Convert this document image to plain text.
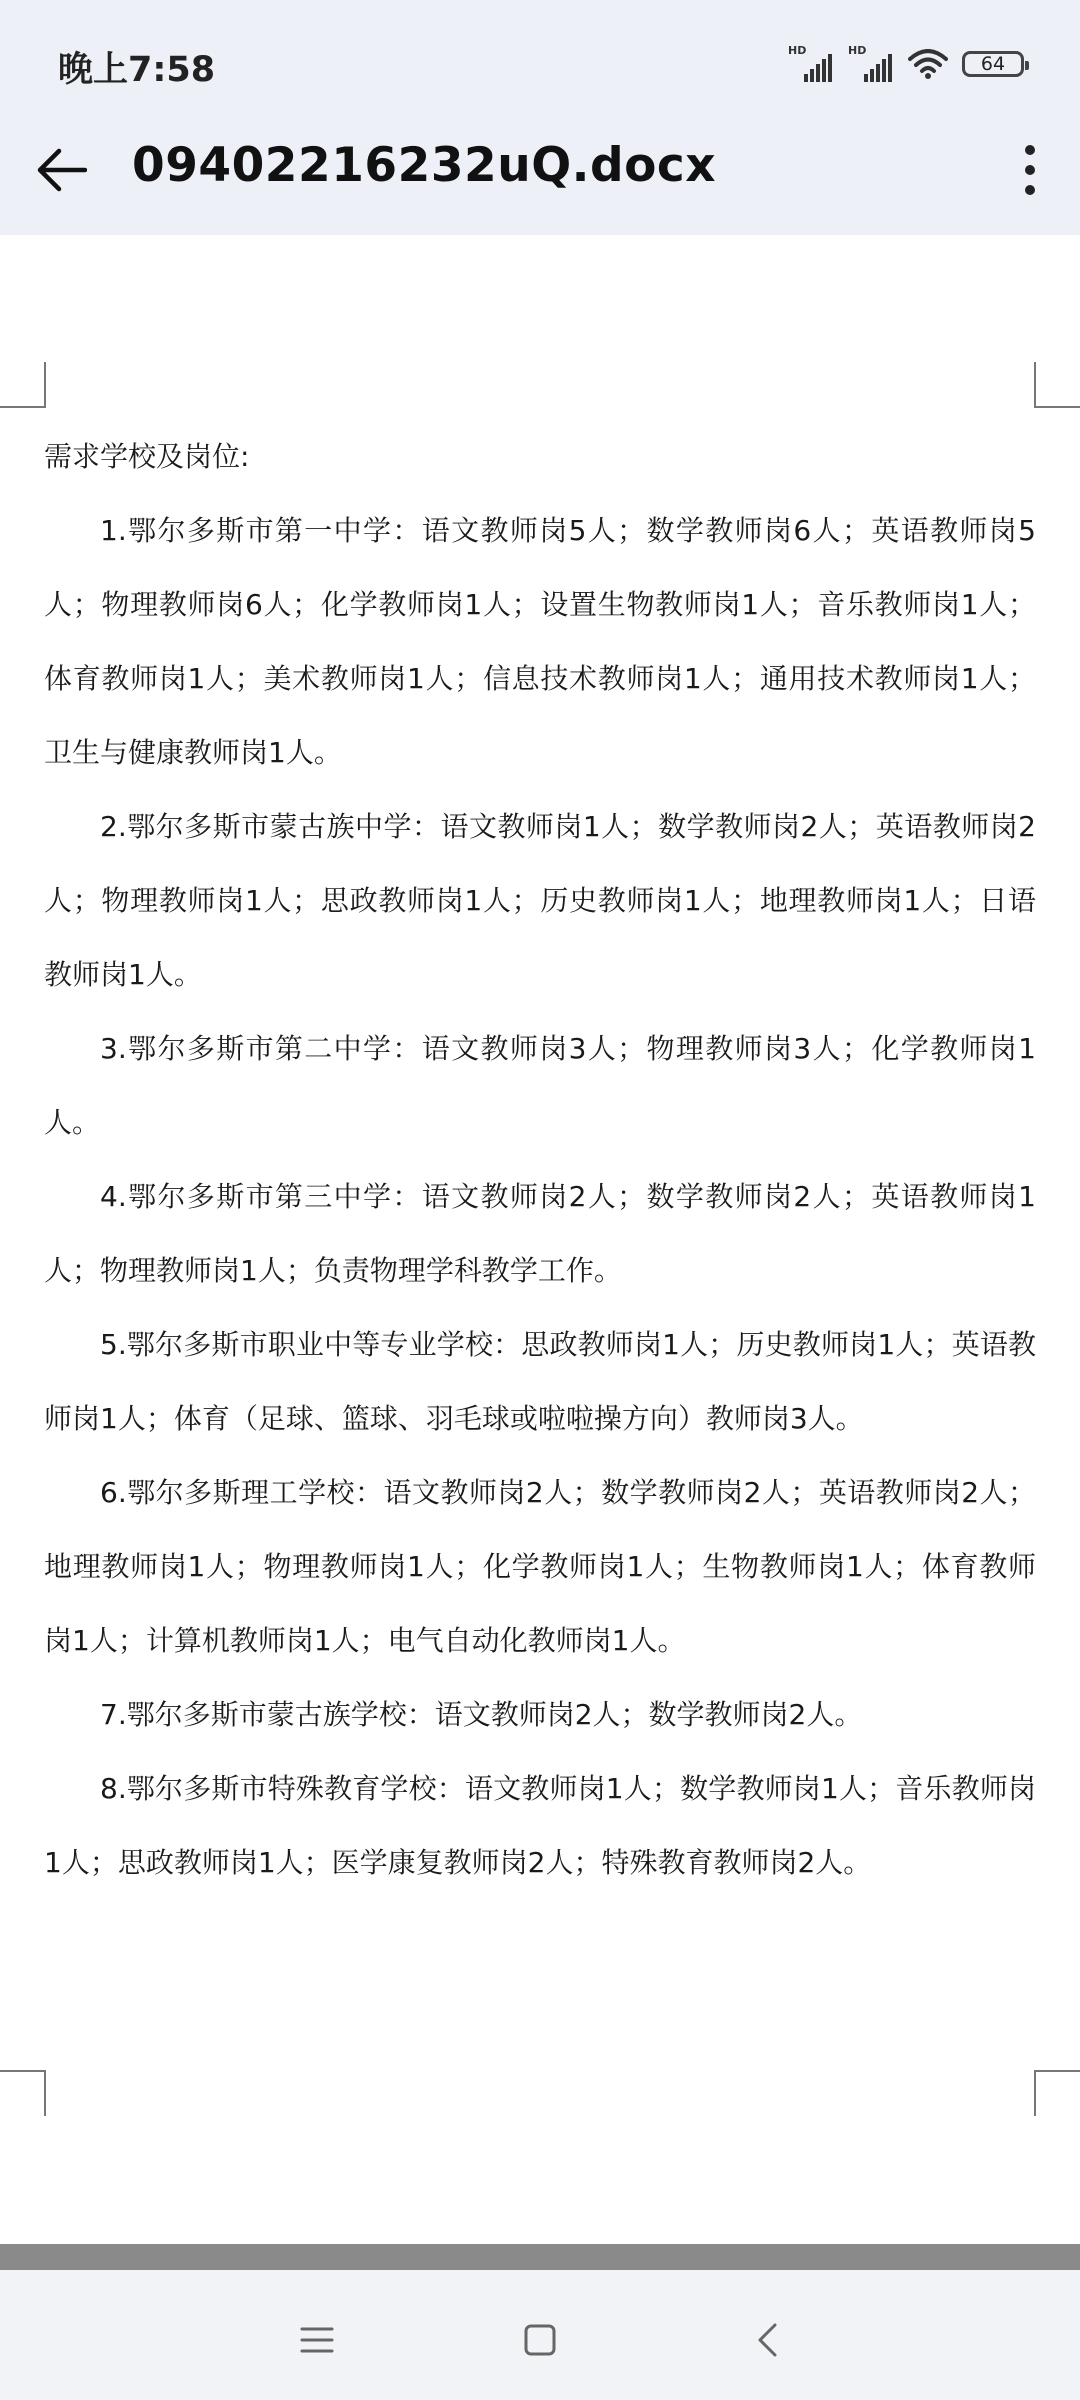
晚上7:58	HD	HD
64
09402216232uQ.docx

需求学校及岗位:

1.鄂尔多斯市第一中学：语文教师岗5人；数学教师岗6人；英语教师岗5人；物理教师岗6人；化学教师岗1人；设置生物教师岗1人；音乐教师岗1人；体育教师岗1人；美术教师岗1人；信息技术教师岗1人；通用技术教师岗1人；卫生与健康教师岗1人。

2.鄂尔多斯市蒙古族中学：语文教师岗1人；数学教师岗2人；英语教师岗2人；物理教师岗1人；思政教师岗1人；历史教师岗1人；地理教师岗1人；日语教师岗1人。

3.鄂尔多斯市第二中学：语文教师岗3人；物理教师岗3人；化学教师岗1人。

4.鄂尔多斯市第三中学：语文教师岗2人；数学教师岗2人；英语教师岗1人；物理教师岗1人；负责物理学科教学工作。

5.鄂尔多斯市职业中等专业学校：思政教师岗1人；历史教师岗1人；英语教师岗1人；体育（足球、篮球、羽毛球或啦啦操方向）教师岗3人。

6.鄂尔多斯理工学校：语文教师岗2人；数学教师岗2人；英语教师岗2人；地理教师岗1人；物理教师岗1人；化学教师岗1人；生物教师岗1人；体育教师岗1人；计算机教师岗1人；电气自动化教师岗1人。

7.鄂尔多斯市蒙古族学校：语文教师岗2人；数学教师岗2人。

8.鄂尔多斯市特殊教育学校：语文教师岗1人；数学教师岗1人；音乐教师岗1人；思政教师岗1人；医学康复教师岗2人；特殊教育教师岗2人。
